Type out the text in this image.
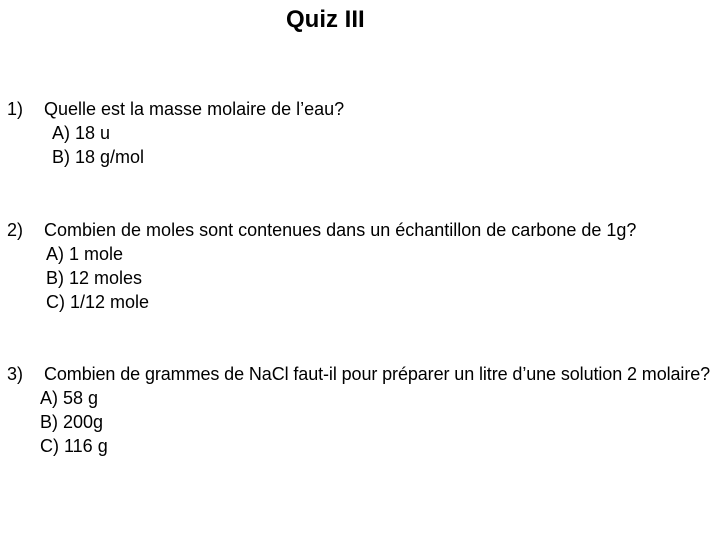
Quiz III
1)	Quelle est la masse molaire de l’eau?
A) 18 u
B) 18 g/mol
2)	Combien de moles sont contenues dans un échantillon de carbone de 1g?
A) 1 mole
B) 12 moles
C) 1/12 mole
3)	Combien de grammes de NaCl faut-il pour préparer un litre d’une solution 2 molaire?
A) 58 g
B) 200g
C) 116 g
